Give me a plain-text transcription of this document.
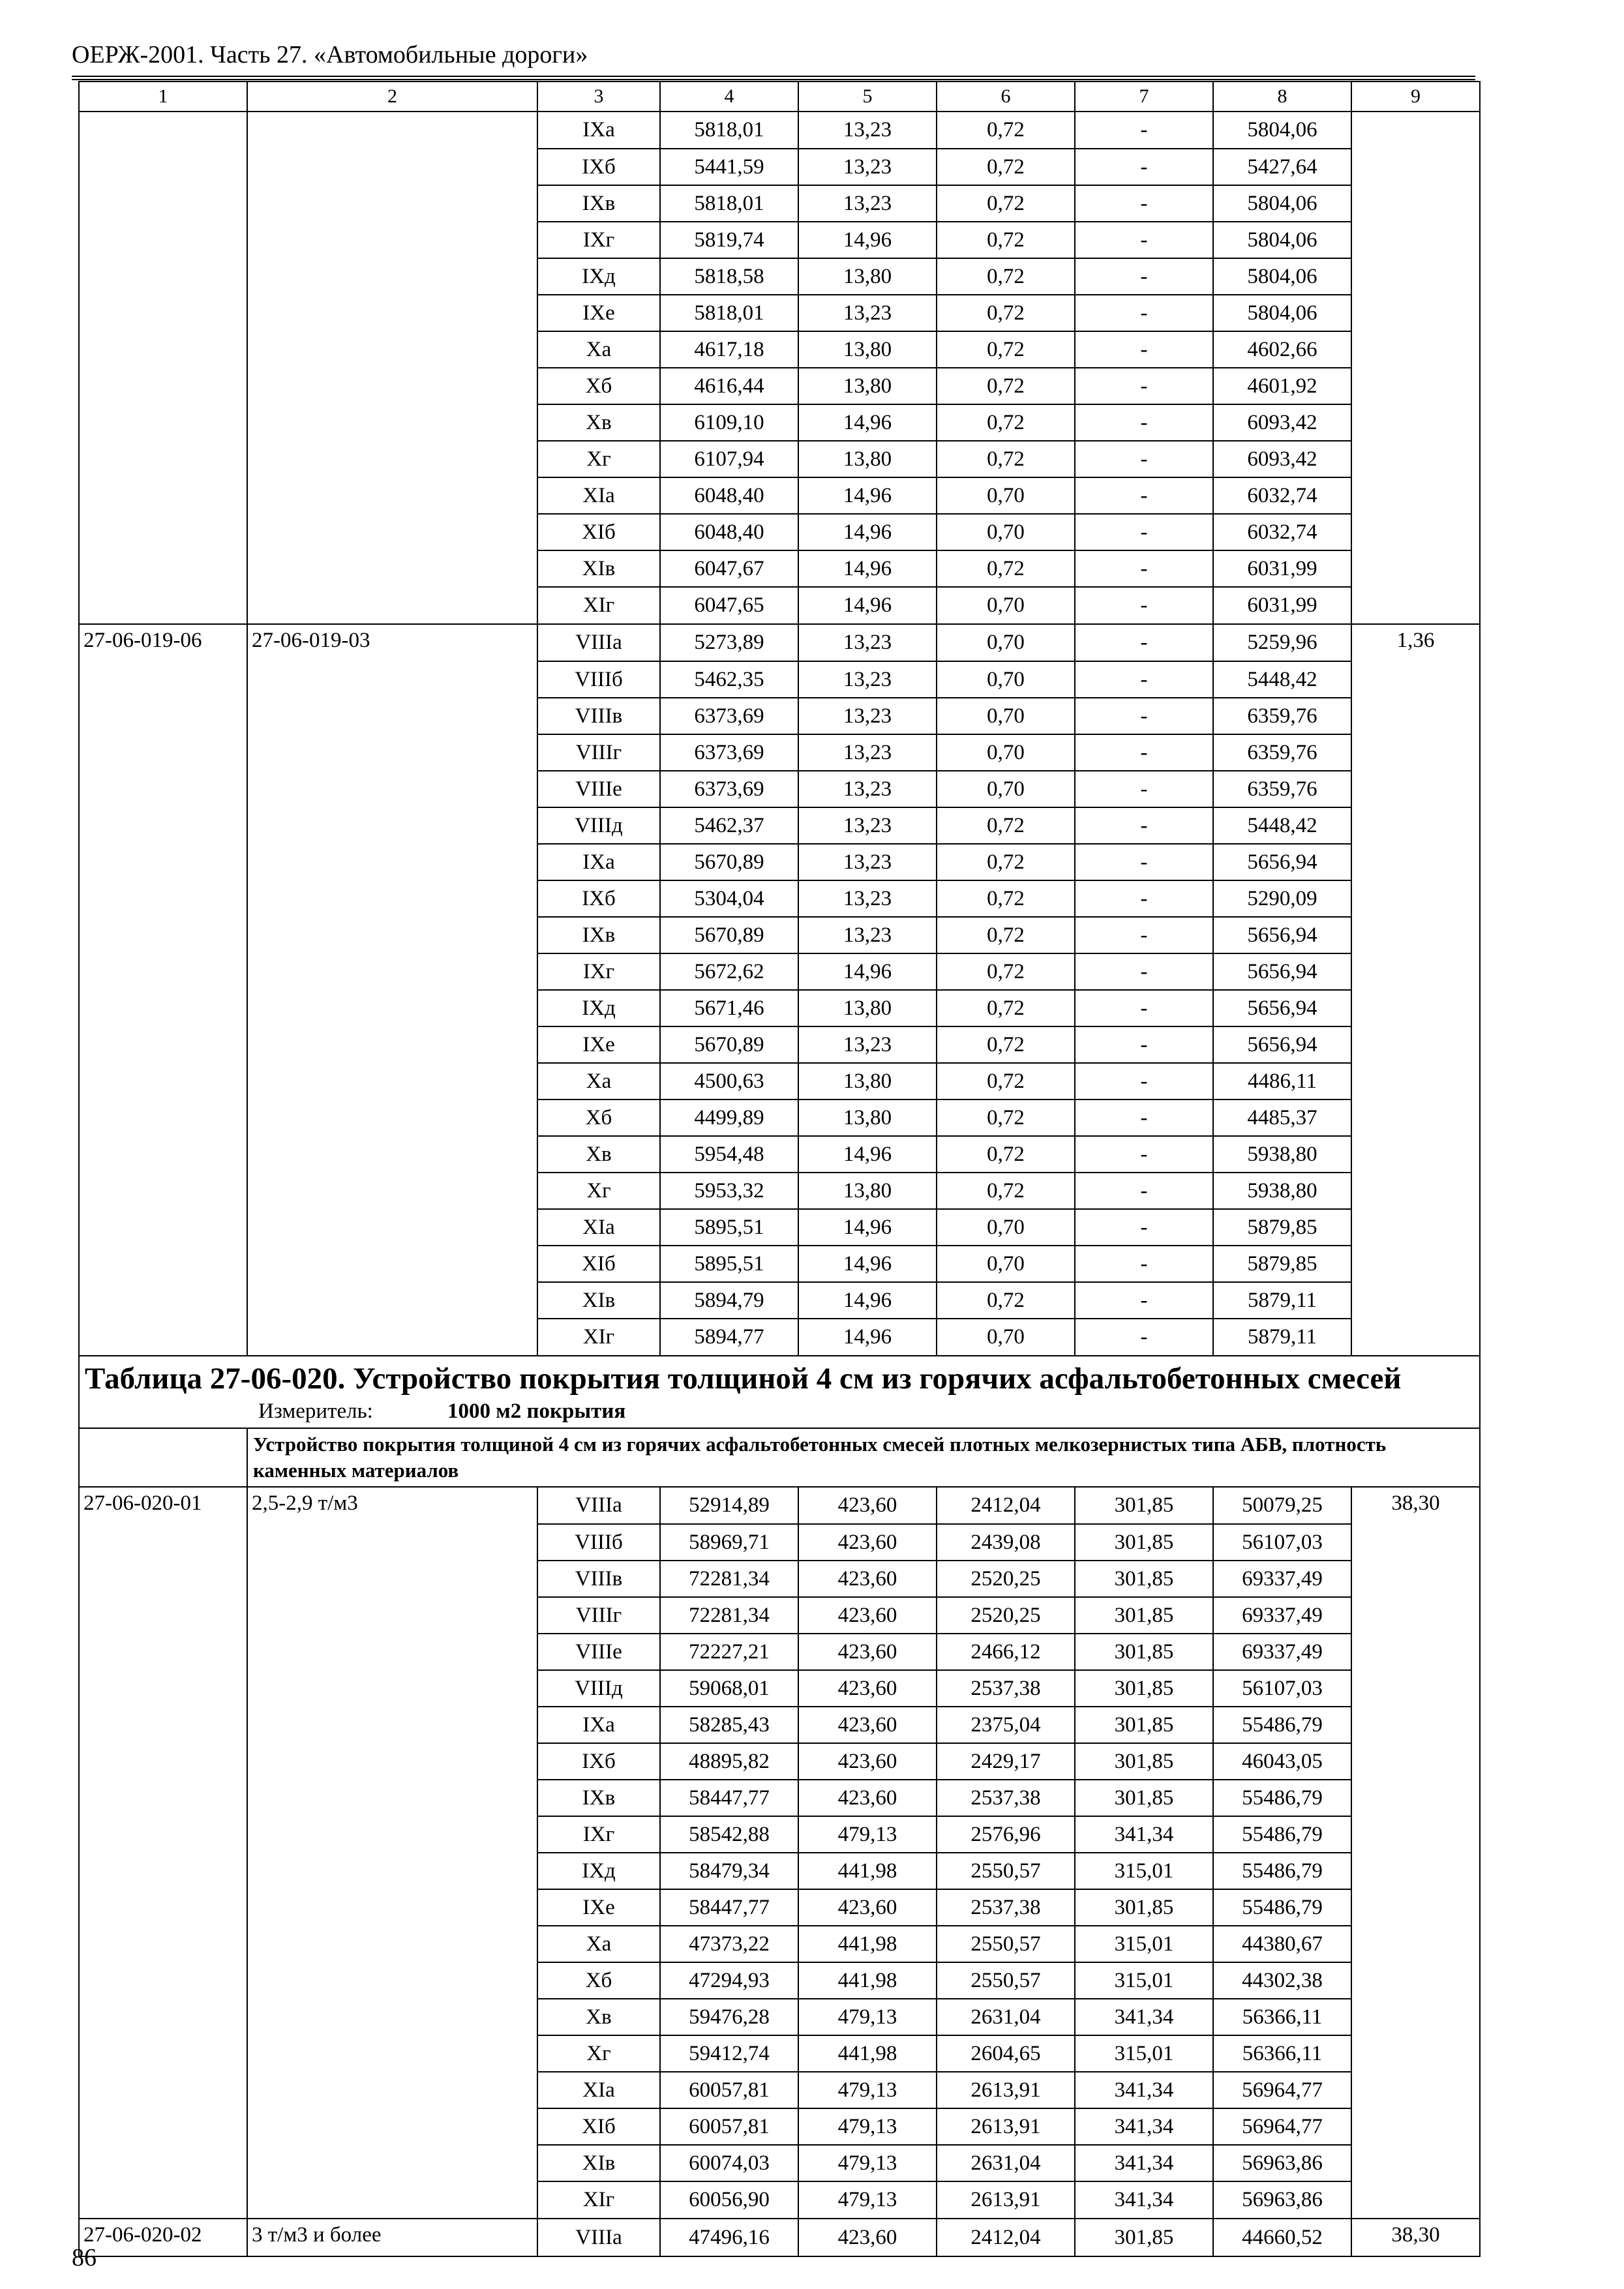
ОЕРЖ-2001. Часть 27. «Автомобильные дороги»
1	2	3	4	5	6	7	8	9
		IXa	5818,01	13,23	0,72	-	5804,06	
		IXб	5441,59	13,23	0,72	-	5427,64	
		IXв	5818,01	13,23	0,72	-	5804,06	
		IXг	5819,74	14,96	0,72	-	5804,06	
		IXд	5818,58	13,80	0,72	-	5804,06	
		IXe	5818,01	13,23	0,72	-	5804,06	
		Xa	4617,18	13,80	0,72	-	4602,66	
		Xб	4616,44	13,80	0,72	-	4601,92	
		Xв	6109,10	14,96	0,72	-	6093,42	
		Xг	6107,94	13,80	0,72	-	6093,42	
		XIa	6048,40	14,96	0,70	-	6032,74	
		XIб	6048,40	14,96	0,70	-	6032,74	
		XIв	6047,67	14,96	0,72	-	6031,99	
		XIг	6047,65	14,96	0,70	-	6031,99	
27-06-019-06	27-06-019-03	VIIIa	5273,89	13,23	0,70	-	5259,96	1,36
		VIIIб	5462,35	13,23	0,70	-	5448,42	
		VIIIв	6373,69	13,23	0,70	-	6359,76	
		VIIIг	6373,69	13,23	0,70	-	6359,76	
		VIIIe	6373,69	13,23	0,70	-	6359,76	
		VIIIд	5462,37	13,23	0,72	-	5448,42	
		IXa	5670,89	13,23	0,72	-	5656,94	
		IXб	5304,04	13,23	0,72	-	5290,09	
		IXв	5670,89	13,23	0,72	-	5656,94	
		IXг	5672,62	14,96	0,72	-	5656,94	
		IXд	5671,46	13,80	0,72	-	5656,94	
		IXe	5670,89	13,23	0,72	-	5656,94	
		Xa	4500,63	13,80	0,72	-	4486,11	
		Xб	4499,89	13,80	0,72	-	4485,37	
		Xв	5954,48	14,96	0,72	-	5938,80	
		Xг	5953,32	13,80	0,72	-	5938,80	
		XIa	5895,51	14,96	0,70	-	5879,85	
		XIб	5895,51	14,96	0,70	-	5879,85	
		XIв	5894,79	14,96	0,72	-	5879,11	
		XIг	5894,77	14,96	0,70	-	5879,11	

Таблица 27-06-020. Устройство покрытия толщиной 4 см из горячих асфальтобетонных смесей
Измеритель: 1000 м2 покрытия								

	Устройство покрытия толщиной 4 см из горячих асфальтобетонных смесей плотных мелкозернистых типа АБВ, плотность каменных материалов							
27-06-020-01	2,5-2,9 т/м3	VIIIa	52914,89	423,60	2412,04	301,85	50079,25	38,30
		VIIIб	58969,71	423,60	2439,08	301,85	56107,03	
		VIIIв	72281,34	423,60	2520,25	301,85	69337,49	
		VIIIг	72281,34	423,60	2520,25	301,85	69337,49	
		VIIIe	72227,21	423,60	2466,12	301,85	69337,49	
		VIIIд	59068,01	423,60	2537,38	301,85	56107,03	
		IXa	58285,43	423,60	2375,04	301,85	55486,79	
		IXб	48895,82	423,60	2429,17	301,85	46043,05	
		IXв	58447,77	423,60	2537,38	301,85	55486,79	
		IXг	58542,88	479,13	2576,96	341,34	55486,79	
		IXд	58479,34	441,98	2550,57	315,01	55486,79	
		IXe	58447,77	423,60	2537,38	301,85	55486,79	
		Xa	47373,22	441,98	2550,57	315,01	44380,67	
		Xб	47294,93	441,98	2550,57	315,01	44302,38	
		Xв	59476,28	479,13	2631,04	341,34	56366,11	
		Xг	59412,74	441,98	2604,65	315,01	56366,11	
		XIa	60057,81	479,13	2613,91	341,34	56964,77	
		XIб	60057,81	479,13	2613,91	341,34	56964,77	
		XIв	60074,03	479,13	2631,04	341,34	56963,86	
		XIг	60056,90	479,13	2613,91	341,34	56963,86	
27-06-020-02	3 т/м3 и более	VIIIa	47496,16	423,60	2412,04	301,85	44660,52	38,30
86
